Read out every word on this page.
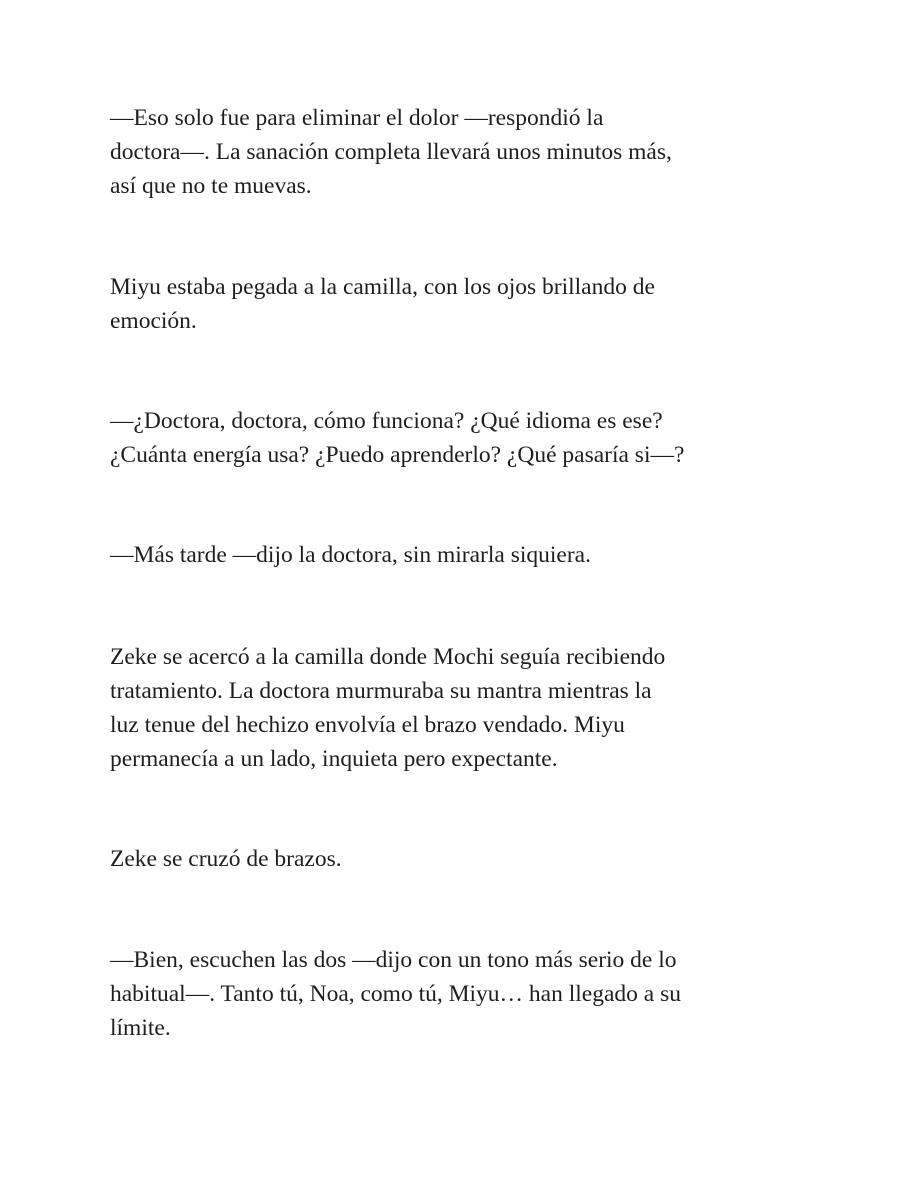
—Eso solo fue para eliminar el dolor —respondió la
doctora—. La sanación completa llevará unos minutos más,
así que no te muevas.

Miyu estaba pegada a la camilla, con los ojos brillando de
emoción.

—¿Doctora, doctora, cómo funciona? ¿Qué idioma es ese?
¿Cuánta energía usa? ¿Puedo aprenderlo? ¿Qué pasaría si—?

—Más tarde —dijo la doctora, sin mirarla siquiera.

Zeke se acercó a la camilla donde Mochi seguía recibiendo
tratamiento. La doctora murmuraba su mantra mientras la
luz tenue del hechizo envolvía el brazo vendado. Miyu
permanecía a un lado, inquieta pero expectante.

Zeke se cruzó de brazos.

—Bien, escuchen las dos —dijo con un tono más serio de lo
habitual—. Tanto tú, Noa, como tú, Miyu… han llegado a su
límite.
